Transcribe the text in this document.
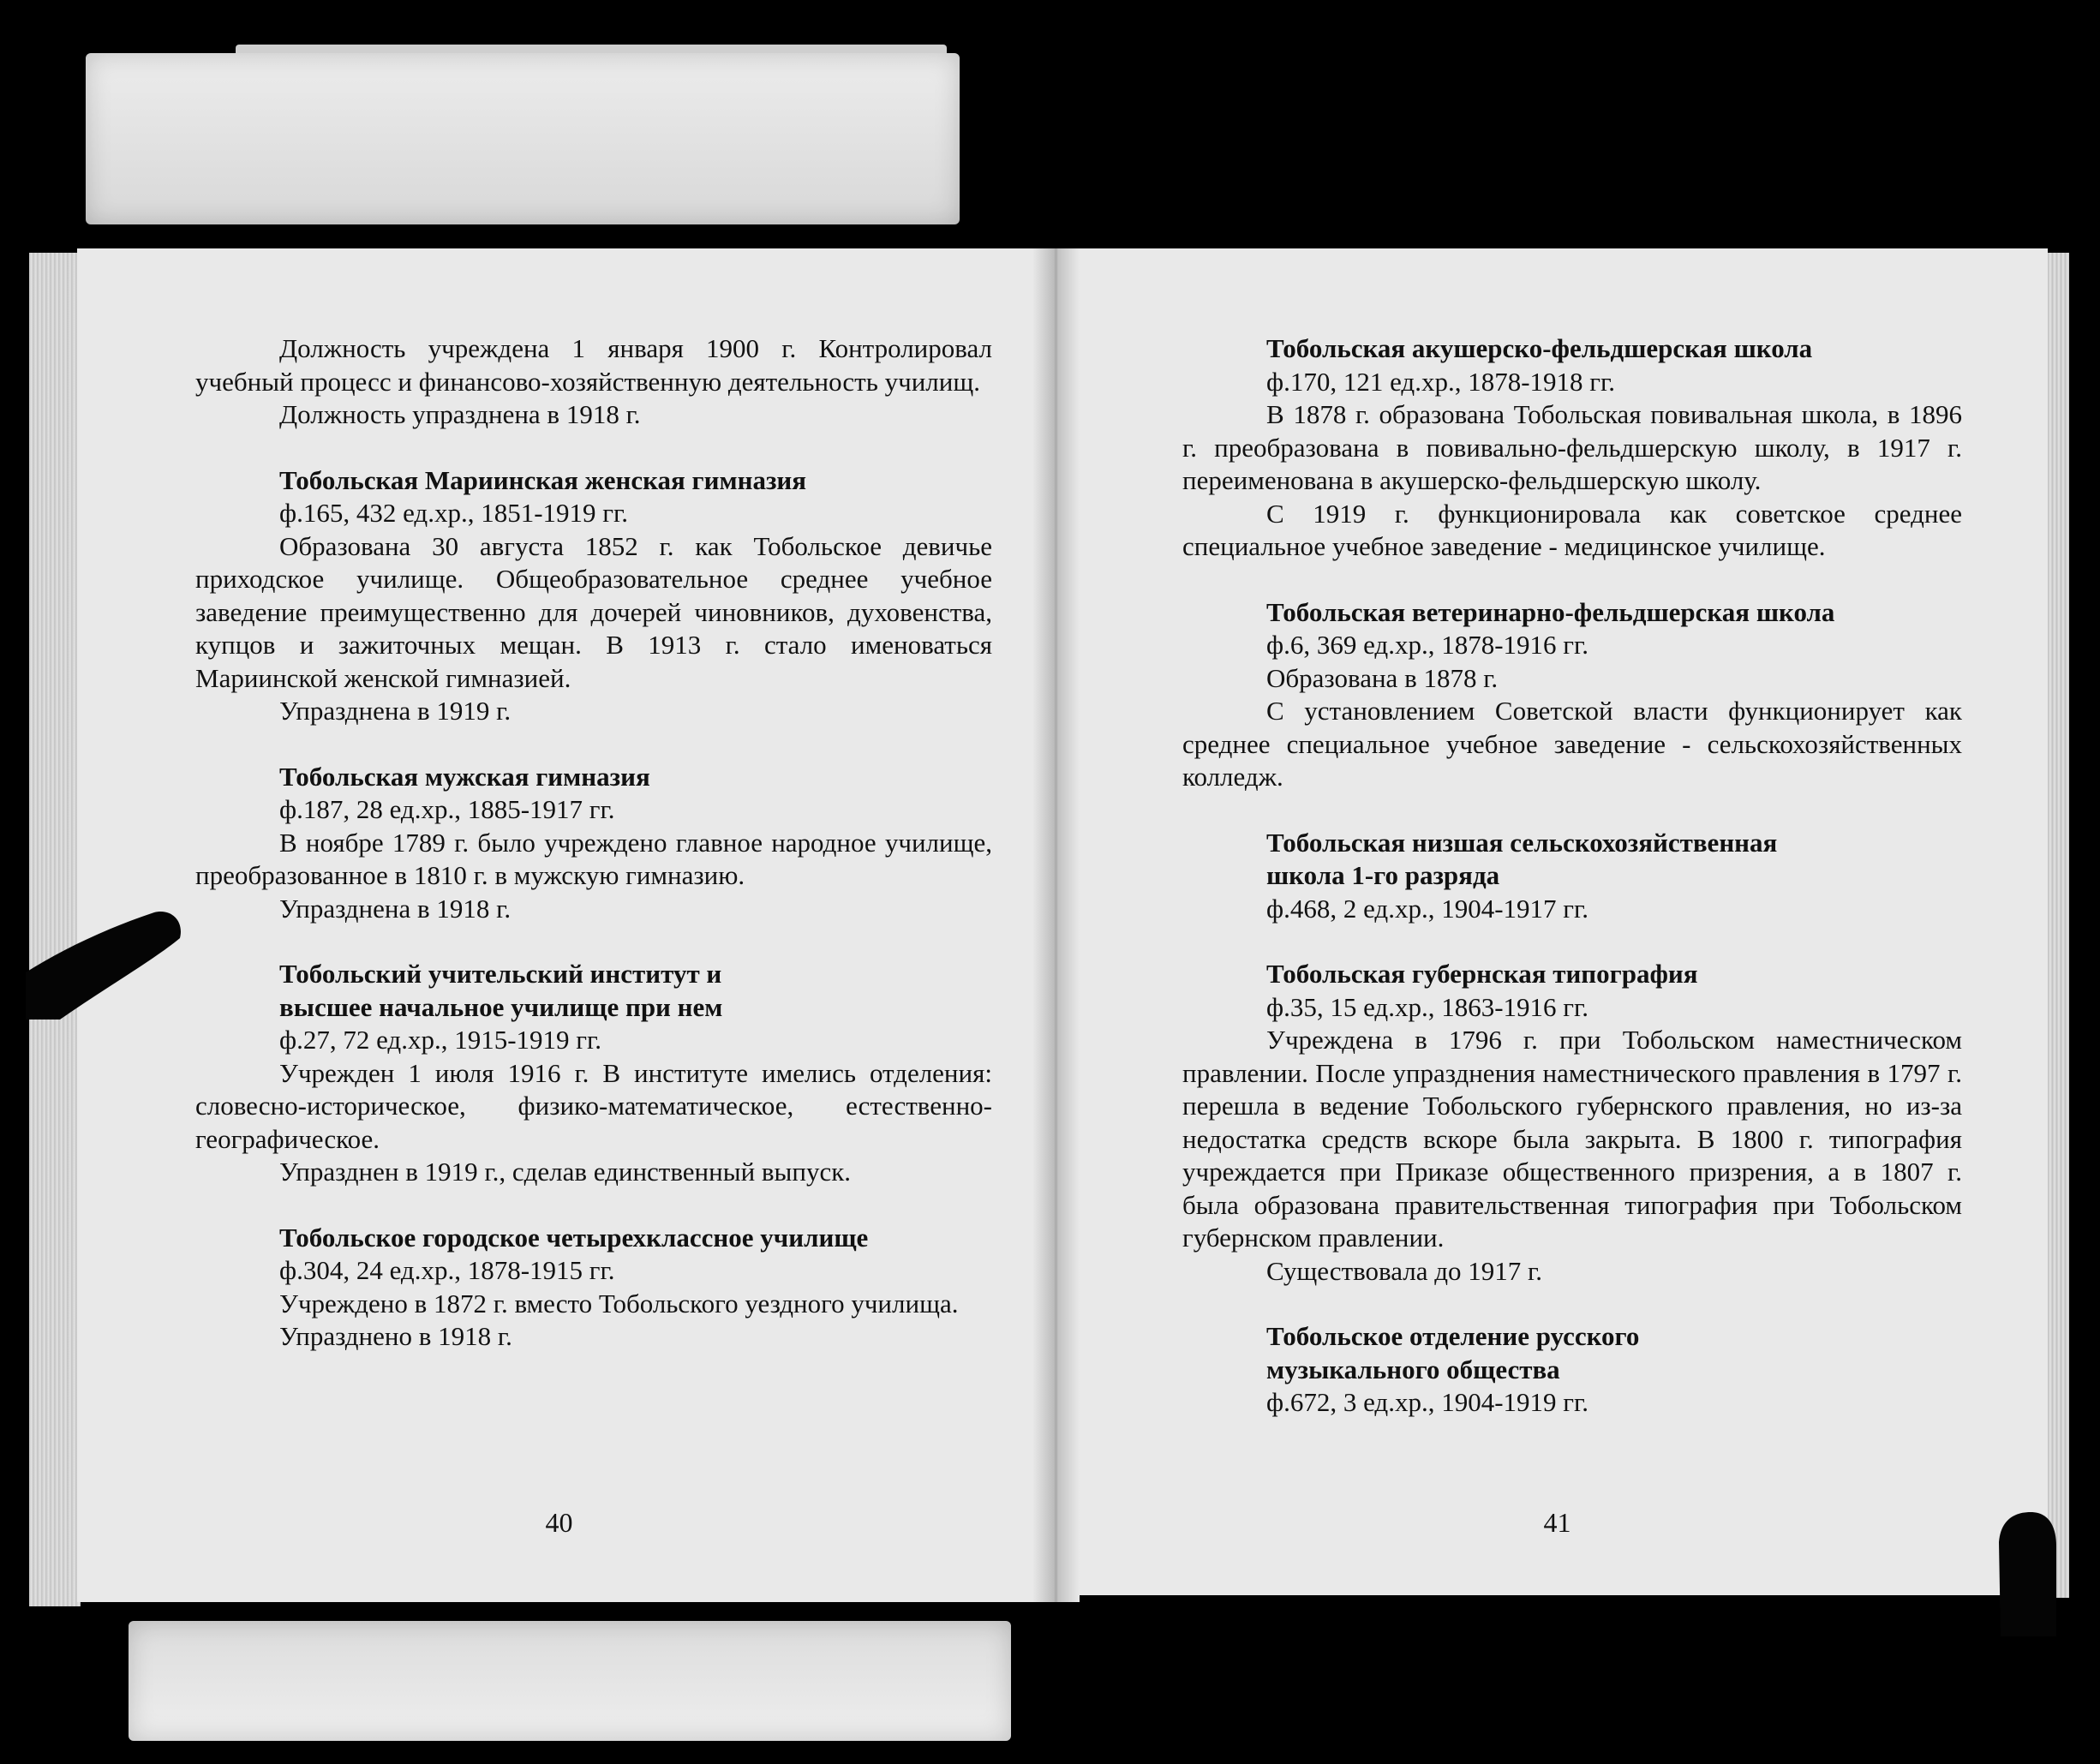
Должность учреждена 1 января 1900 г. Контролировал учебный процесс и финансово-хозяйственную деятельность училищ.

Должность упразднена в 1918 г.

Тобольская Мариинская женская гимназия

ф.165, 432 ед.хр., 1851-1919 гг.

Образована 30 августа 1852 г. как Тобольское девичье приходское училище. Общеобразовательное среднее учебное заведение преимущественно для дочерей чиновников, духовенства, купцов и зажиточных мещан. В 1913 г. стало именоваться Мариинской женской гимназией.

Упразднена в 1919 г.

Тобольская мужская гимназия

ф.187, 28 ед.хр., 1885-1917 гг.

В ноябре 1789 г. было учреждено главное народное училище, преобразованное в 1810 г. в мужскую гимназию.

Упразднена в 1918 г.

Тобольский учительский институт и

высшее начальное училище при нем

ф.27, 72 ед.хр., 1915-1919 гг.

Учрежден 1 июля 1916 г. В институте имелись отделения: словесно-историческое, физико-математическое, естественно-географическое.

Упразднен в 1919 г., сделав единственный выпуск.

Тобольское городское четырехклассное училище

ф.304, 24 ед.хр., 1878-1915 гг.

Учреждено в 1872 г. вместо Тобольского уездного училища.

Упразднено в 1918 г.

40

Тобольская акушерско-фельдшерская школа

ф.170, 121 ед.хр., 1878-1918 гг.

В 1878 г. образована Тобольская повивальная школа, в 1896 г. преобразована в повивально-фельдшерскую школу, в 1917 г. переименована в акушерско-фельдшерскую школу.

С 1919 г. функционировала как советское среднее специальное учебное заведение - медицинское училище.

Тобольская ветеринарно-фельдшерская школа

ф.6, 369 ед.хр., 1878-1916 гг.

Образована в 1878 г.

С установлением Советской власти функционирует как среднее специальное учебное заведение - сельскохозяйственных колледж.

Тобольская низшая сельскохозяйственная

школа 1-го разряда

ф.468, 2 ед.хр., 1904-1917 гг.

Тобольская губернская типография

ф.35, 15 ед.хр., 1863-1916 гг.

Учреждена в 1796 г. при Тобольском наместническом правлении. После упразднения наместнического правления в 1797 г. перешла в ведение Тобольского губернского правления, но из-за недостатка средств вскоре была закрыта. В 1800 г. типография учреждается при Приказе общественного призрения, а в 1807 г. была образована правительственная типография при Тобольском губернском правлении.

Существовала до 1917 г.

Тобольское отделение русского

музыкального общества

ф.672, 3 ед.хр., 1904-1919 гг.

41
